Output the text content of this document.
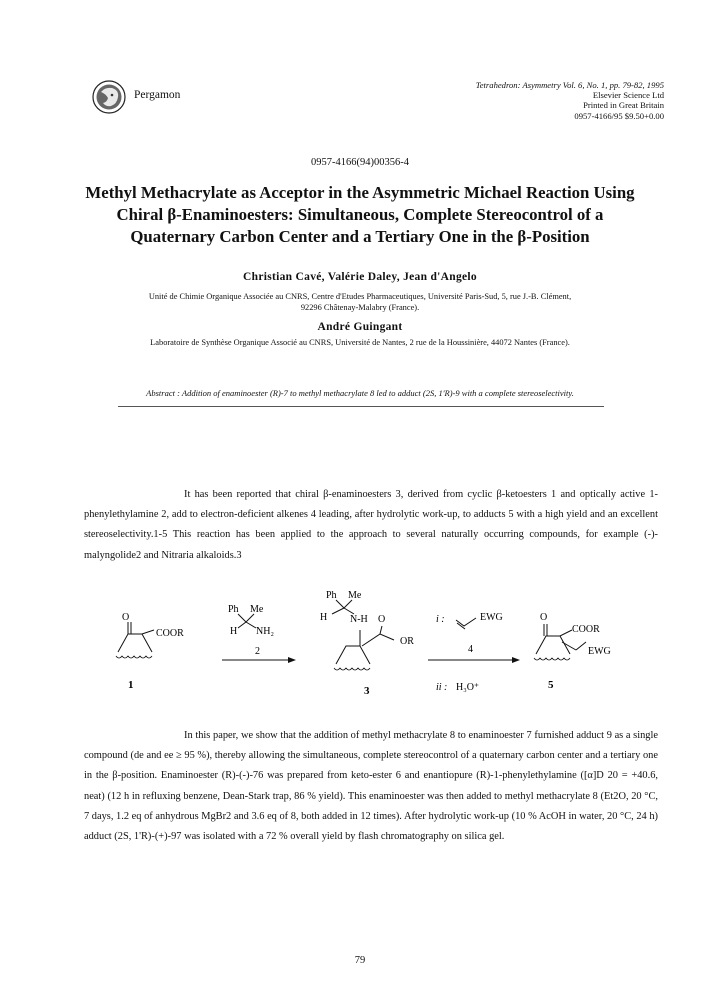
Pergamon
Tetrahedron: Asymmetry Vol. 6, No. 1, pp. 79-82, 1995
Elsevier Science Ltd
Printed in Great Britain
0957-4166/95 $9.50+0.00
0957-4166(94)00356-4
Methyl Methacrylate as Acceptor in the Asymmetric Michael Reaction Using
Chiral β-Enaminoesters: Simultaneous, Complete Stereocontrol of a
Quaternary Carbon Center and a Tertiary One in the β-Position
Christian Cavé, Valérie Daley, Jean d'Angelo
Unité de Chimie Organique Associée au CNRS, Centre d'Etudes Pharmaceutiques, Université Paris-Sud, 5, rue J.-B. Clément,
92296 Châtenay-Malabry (France).
André Guingant
Laboratoire de Synthèse Organique Associé au CNRS, Université de Nantes, 2 rue de la Houssinière, 44072 Nantes (France).
Abstract : Addition of enaminoester (R)-7 to methyl methacrylate 8 led to adduct (2S, 1'R)-9 with a complete stereoselectivity.
It has been reported that chiral β-enaminoesters 3, derived from cyclic β-ketoesters 1 and optically active 1-phenylethylamine 2, add to electron-deficient alkenes 4 leading, after hydrolytic work-up, to adducts 5 with a high yield and an excellent stereoselectivity.1-5 This reaction has been applied to the approach to several naturally occurring compounds, for example (-)-malyngolide2 and Nitraria alkaloids.3
O
COOR
1
Ph Me
H NH₂
2
Ph Me
H N-H O
OR
3
i :	EWG
4
ii : H₃O⁺
O
COOR
EWG
5
In this paper, we show that the addition of methyl methacrylate 8 to enaminoester 7 furnished adduct 9 as a single compound (de and ee ≥ 95 %), thereby allowing the simultaneous, complete stereocontrol of a quaternary carbon center and a tertiary one in the β-position. Enaminoester (R)-(-)-76 was prepared from keto-ester 6 and enantiopure (R)-1-phenylethylamine ([α]D 20 = +40.6, neat) (12 h in refluxing benzene, Dean-Stark trap, 86 % yield). This enaminoester was then added to methyl methacrylate 8 (Et2O, 20 °C, 7 days, 1.2 eq of anhydrous MgBr2 and 3.6 eq of 8, both added in 12 times). After hydrolytic work-up (10 % AcOH in water, 20 °C, 24 h) adduct (2S, 1'R)-(+)-97 was isolated with a 72 % overall yield by flash chromatography on silica gel.
79
